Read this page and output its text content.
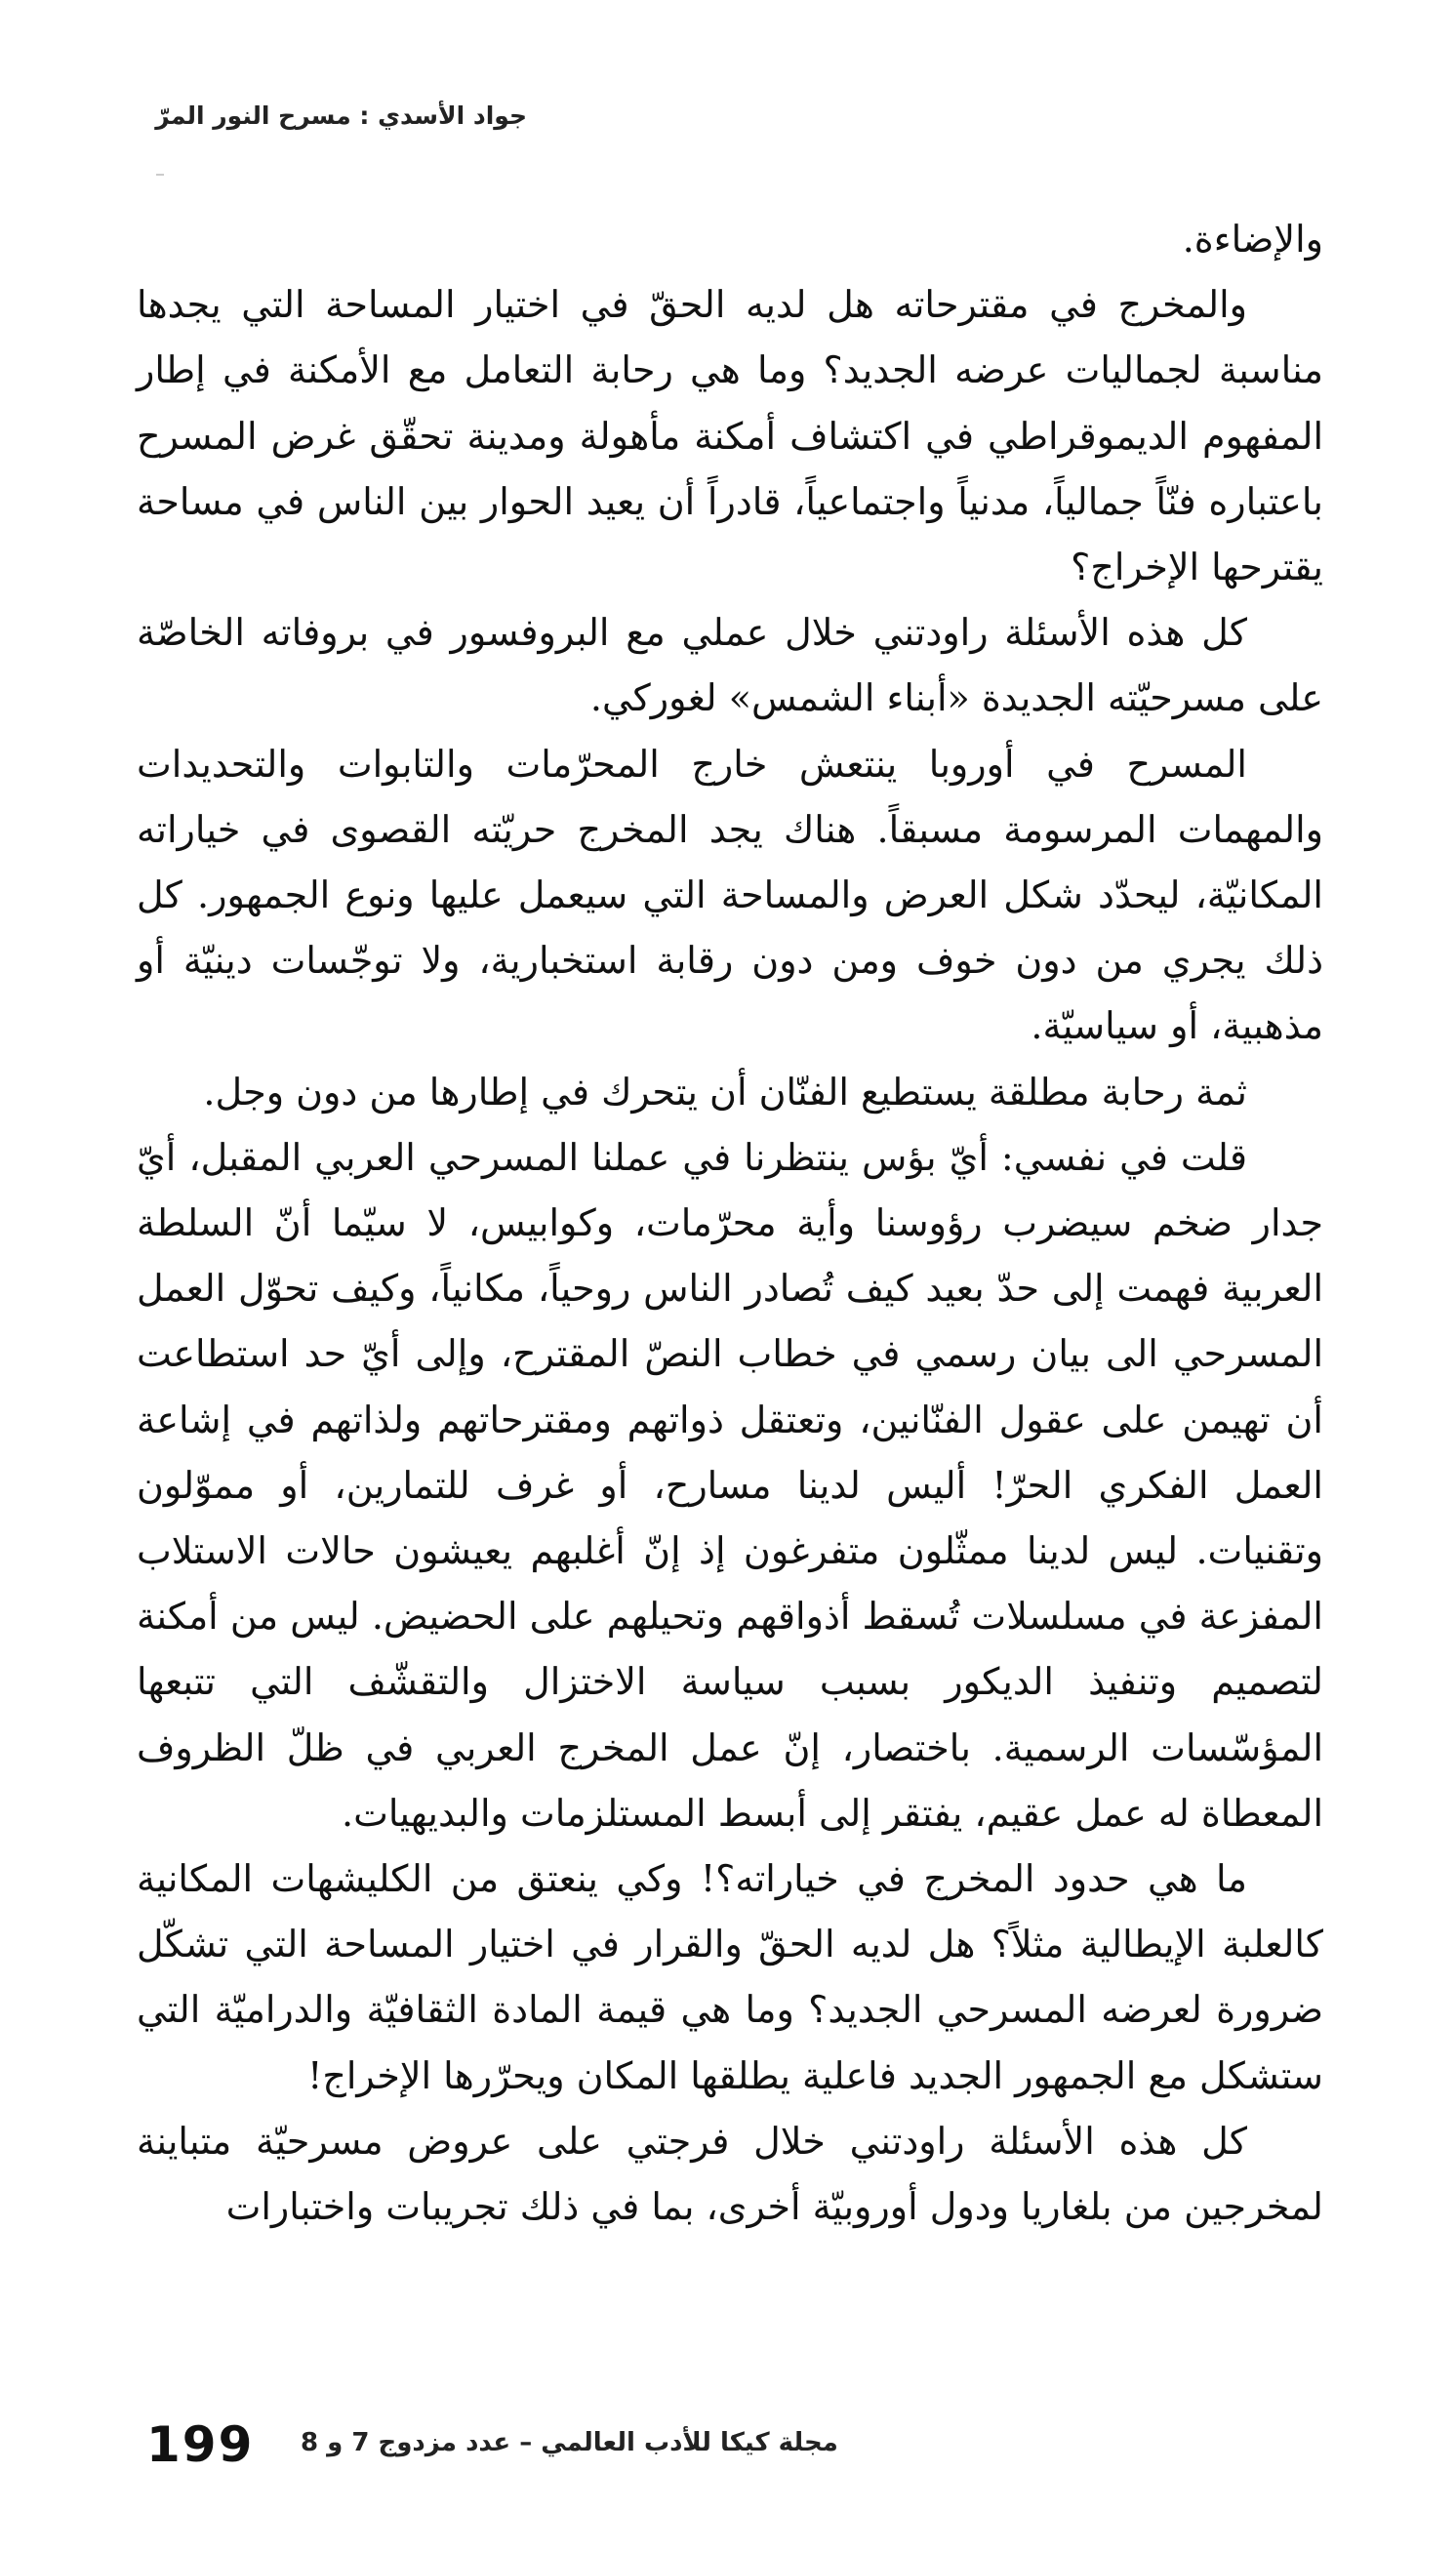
جواد الأسدي : مسرح النور المرّ

والإضاءة.

والمخرج في مقترحاته هل لديه الحقّ في اختيار المساحة التي يجدها مناسبة لجماليات عرضه الجديد؟ وما هي رحابة التعامل مع الأمكنة في إطار المفهوم الديموقراطي في اكتشاف أمكنة مأهولة ومدينة تحقّق غرض المسرح باعتباره فنّاً جمالياً، مدنياً واجتماعياً، قادراً أن يعيد الحوار بين الناس في مساحة يقترحها الإخراج؟

كل هذه الأسئلة راودتني خلال عملي مع البروفسور في بروفاته الخاصّة على مسرحيّته الجديدة «أبناء الشمس» لغوركي.

المسرح في أوروبا ينتعش خارج المحرّمات والتابوات والتحديدات والمهمات المرسومة مسبقاً. هناك يجد المخرج حريّته القصوى في خياراته المكانيّة، ليحدّد شكل العرض والمساحة التي سيعمل عليها ونوع الجمهور. كل ذلك يجري من دون خوف ومن دون رقابة استخبارية، ولا توجّسات دينيّة أو مذهبية، أو سياسيّة.

ثمة رحابة مطلقة يستطيع الفنّان أن يتحرك في إطارها من دون وجل.

قلت في نفسي: أيّ بؤس ينتظرنا في عملنا المسرحي العربي المقبل، أيّ جدار ضخم سيضرب رؤوسنا وأية محرّمات، وكوابيس، لا سيّما أنّ السلطة العربية فهمت إلى حدّ بعيد كيف تُصادر الناس روحياً، مكانياً، وكيف تحوّل العمل المسرحي الى بيان رسمي في خطاب النصّ المقترح، وإلى أيّ حد استطاعت أن تهيمن على عقول الفنّانين، وتعتقل ذواتهم ومقترحاتهم ولذاتهم في إشاعة العمل الفكري الحرّ! أليس لدينا مسارح، أو غرف للتمارين، أو مموّلون وتقنيات. ليس لدينا ممثّلون متفرغون إذ إنّ أغلبهم يعيشون حالات الاستلاب المفزعة في مسلسلات تُسقط أذواقهم وتحيلهم على الحضيض. ليس من أمكنة لتصميم وتنفيذ الديكور بسبب سياسة الاختزال والتقشّف التي تتبعها المؤسّسات الرسمية. باختصار، إنّ عمل المخرج العربي في ظلّ الظروف المعطاة له عمل عقيم، يفتقر إلى أبسط المستلزمات والبديهيات.

ما هي حدود المخرج في خياراته؟! وكي ينعتق من الكليشهات المكانية كالعلبة الإيطالية مثلاً؟ هل لديه الحقّ والقرار في اختيار المساحة التي تشكّل ضرورة لعرضه المسرحي الجديد؟ وما هي قيمة المادة الثقافيّة والدراميّة التي ستشكل مع الجمهور الجديد فاعلية يطلقها المكان ويحرّرها الإخراج!

كل هذه الأسئلة راودتني خلال فرجتي على عروض مسرحيّة متباينة لمخرجين من بلغاريا ودول أوروبيّة أخرى، بما في ذلك تجريبات واختبارات

199 مجلة كيكا للأدب العالمي – عدد مزدوج 7 و 8
